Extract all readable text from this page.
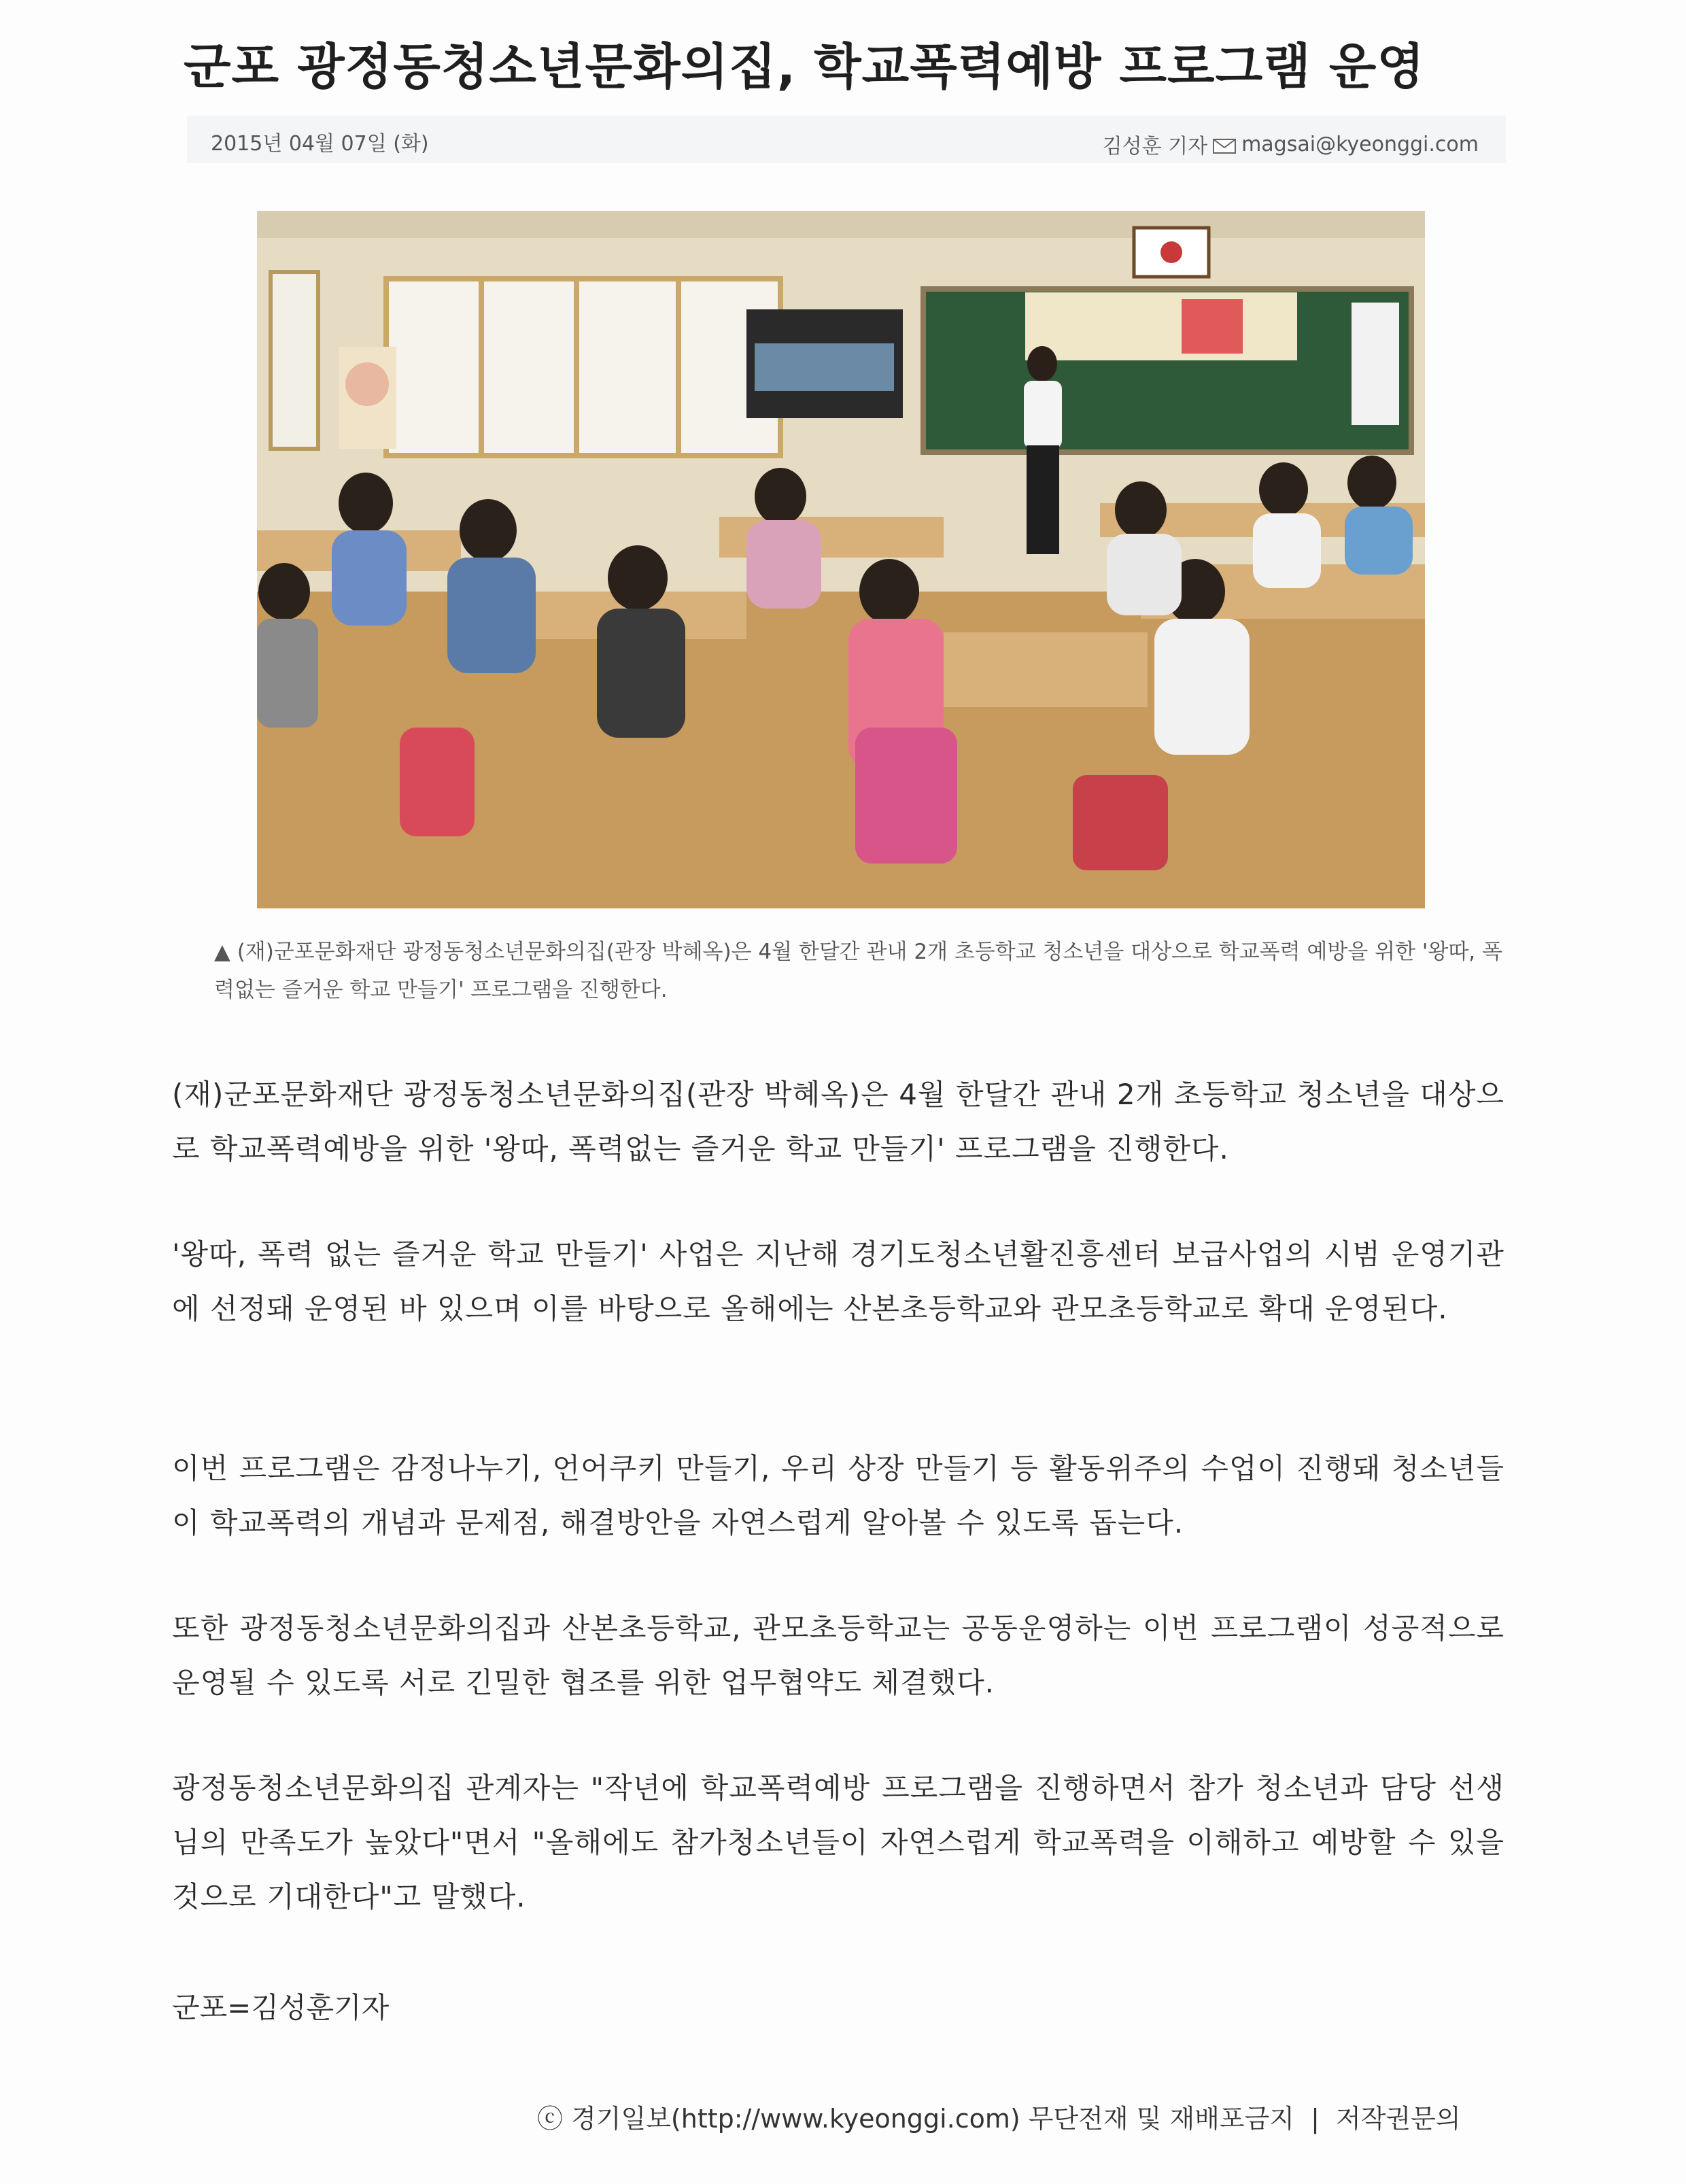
군포 광정동청소년문화의집, 학교폭력예방 프로그램 운영
2015년 04월 07일 (화)	김성훈 기자 magsai@kyeonggi.com
▲ (재)군포문화재단 광정동청소년문화의집(관장 박혜옥)은 4월 한달간 관내 2개 초등학교 청소년을 대상으로 학교폭력 예방을 위한 '왕따, 폭력없는 즐거운 학교 만들기' 프로그램을 진행한다.
(재)군포문화재단 광정동청소년문화의집(관장 박혜옥)은 4월 한달간 관내 2개 초등학교 청소년을 대상으로 학교폭력예방을 위한 '왕따, 폭력없는 즐거운 학교 만들기' 프로그램을 진행한다.
'왕따, 폭력 없는 즐거운 학교 만들기' 사업은 지난해 경기도청소년활진흥센터 보급사업의 시범 운영기관에 선정돼 운영된 바 있으며 이를 바탕으로 올해에는 산본초등학교와 관모초등학교로 확대 운영된다.
이번 프로그램은 감정나누기, 언어쿠키 만들기, 우리 상장 만들기 등 활동위주의 수업이 진행돼 청소년들이 학교폭력의 개념과 문제점, 해결방안을 자연스럽게 알아볼 수 있도록 돕는다.
또한 광정동청소년문화의집과 산본초등학교, 관모초등학교는 공동운영하는 이번 프로그램이 성공적으로 운영될 수 있도록 서로 긴밀한 협조를 위한 업무협약도 체결했다.
광정동청소년문화의집 관계자는 "작년에 학교폭력예방 프로그램을 진행하면서 참가 청소년과 담당 선생님의 만족도가 높았다"면서 "올해에도 참가청소년들이 자연스럽게 학교폭력을 이해하고 예방할 수 있을 것으로 기대한다"고 말했다.
군포=김성훈기자
ⓒ 경기일보(http://www.kyeonggi.com) 무단전재 및 재배포금지 | 저작권문의
